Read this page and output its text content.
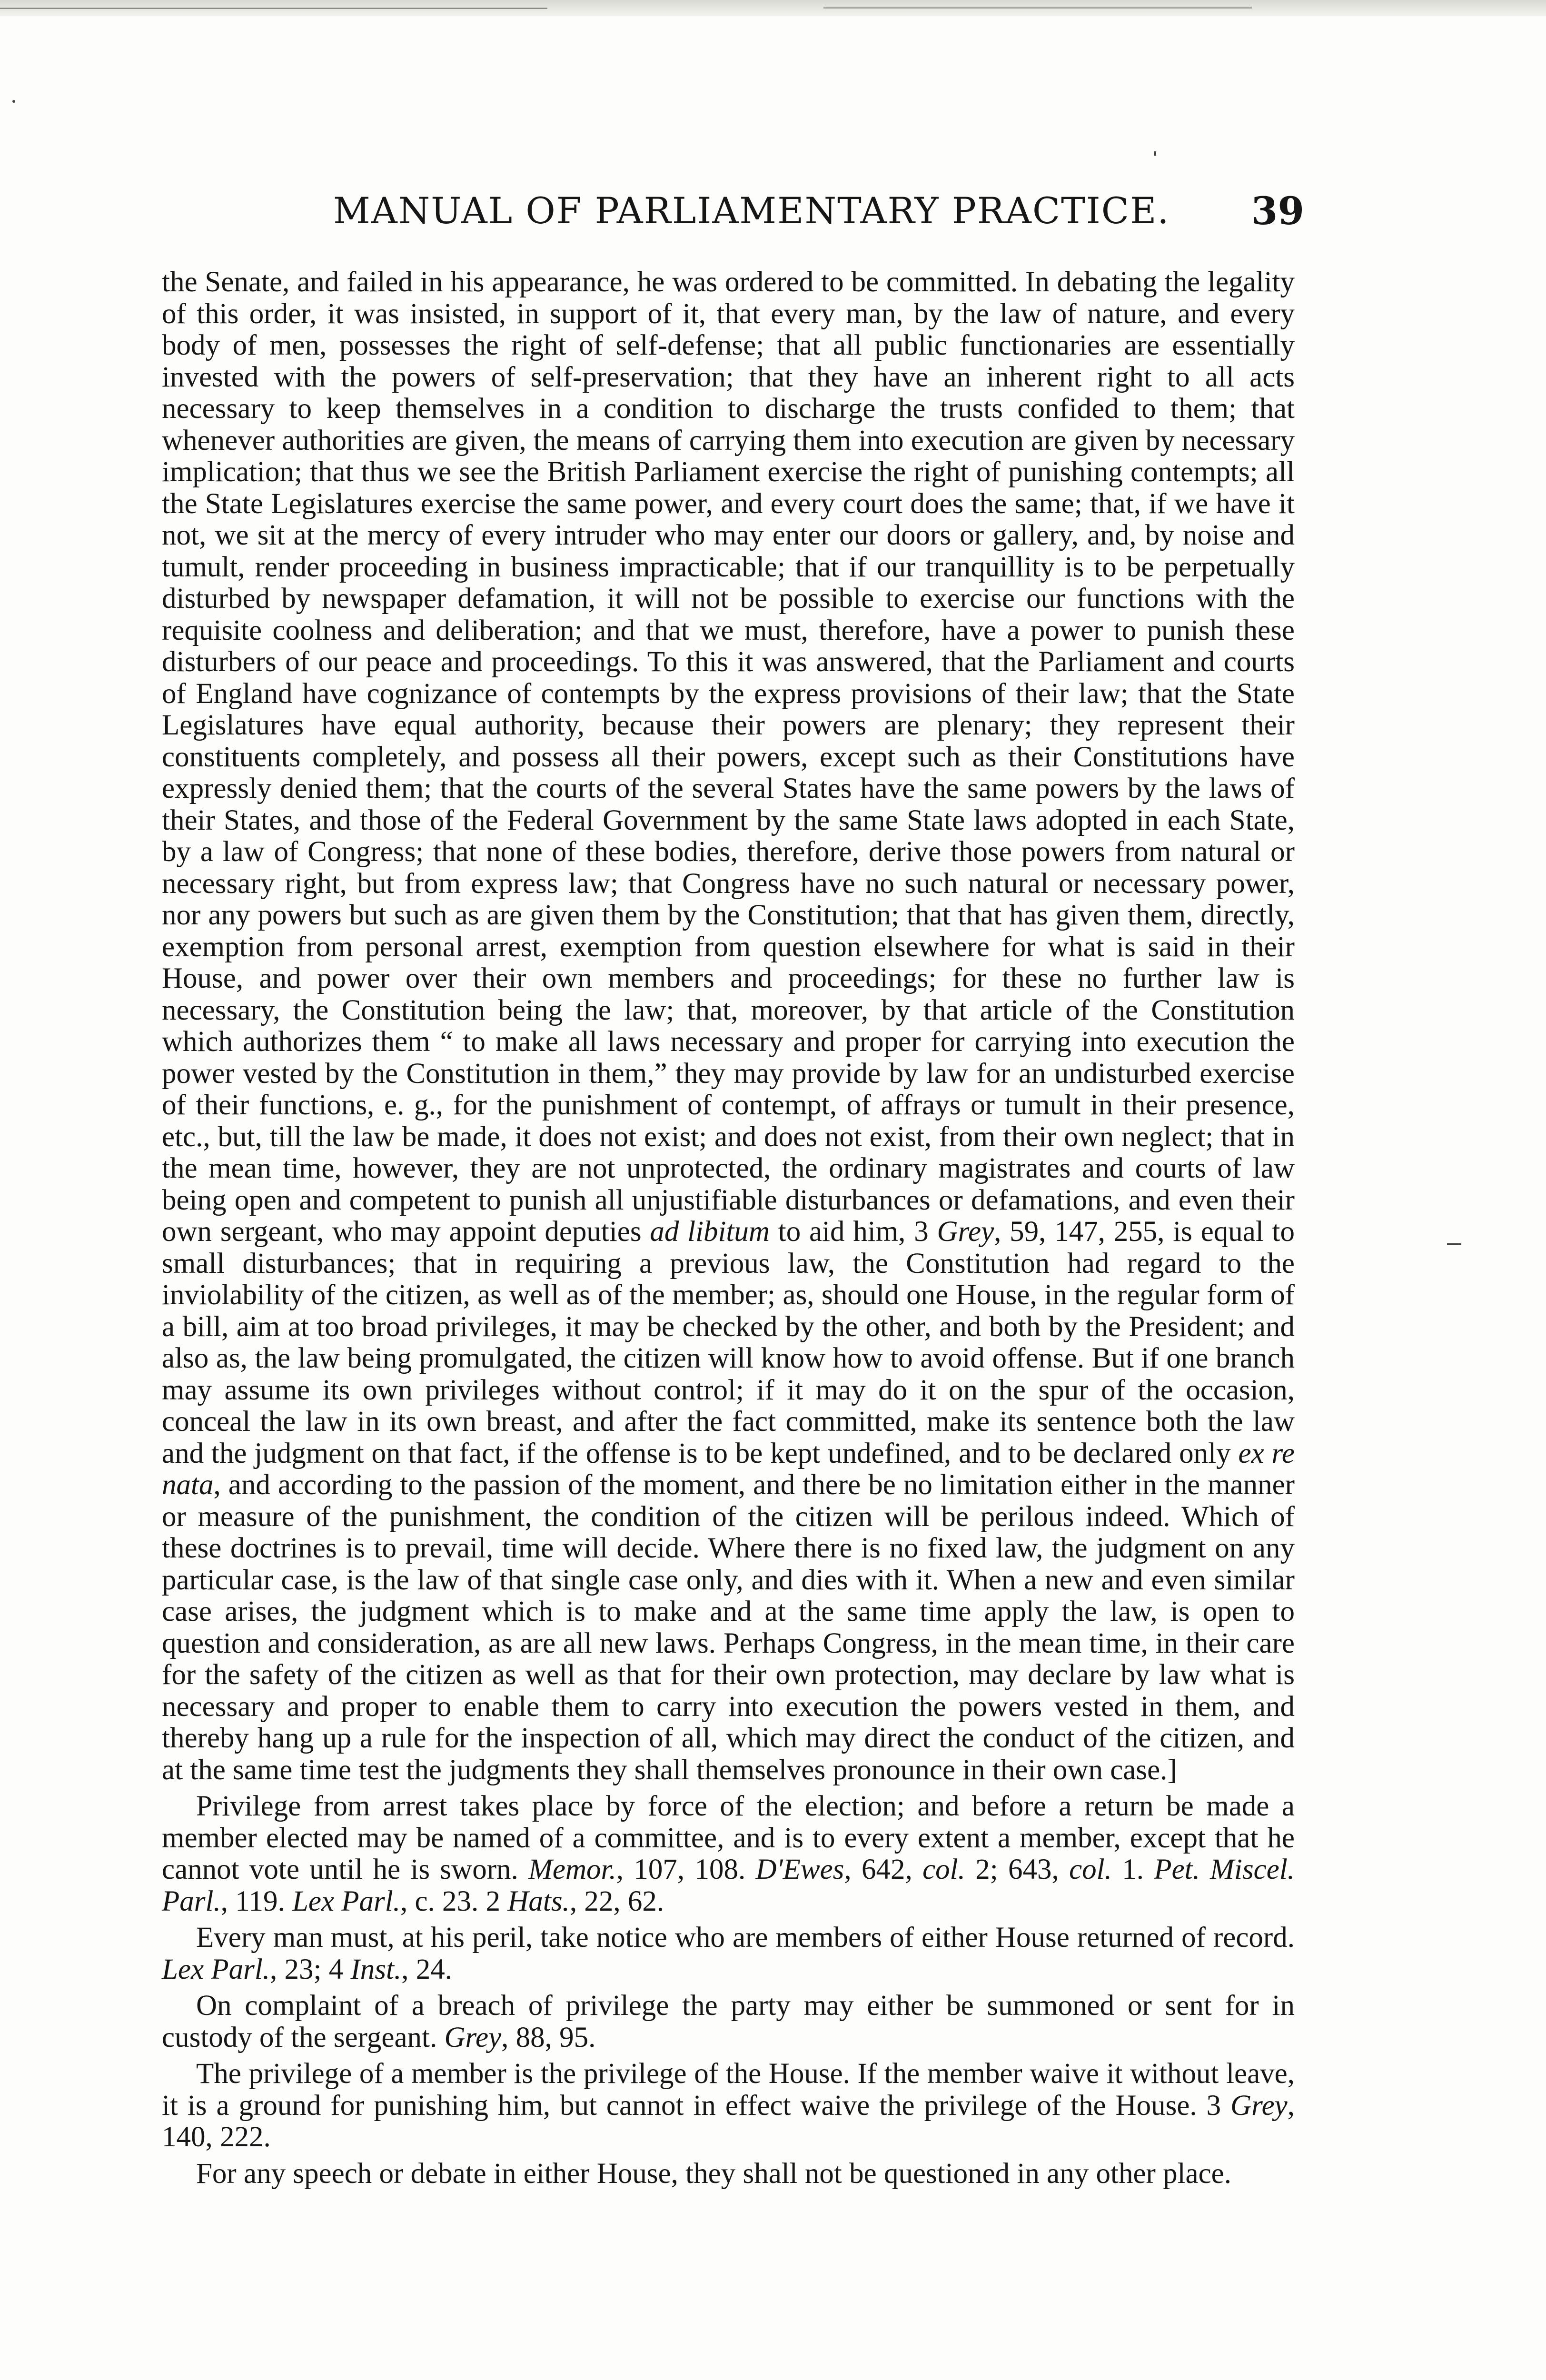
MANUAL OF PARLIAMENTARY PRACTICE. 39

the Senate, and failed in his appearance, he was ordered to be committed. In debating the legality of this order, it was insisted, in support of it, that every man, by the law of nature, and every body of men, possesses the right of self-defense; that all public functionaries are essentially invested with the powers of self-preservation; that they have an inherent right to all acts necessary to keep themselves in a condition to discharge the trusts confided to them; that whenever authorities are given, the means of carrying them into execution are given by necessary implication; that thus we see the British Parliament exercise the right of punishing contempts; all the State Legislatures exercise the same power, and every court does the same; that, if we have it not, we sit at the mercy of every intruder who may enter our doors or gallery, and, by noise and tumult, render proceeding in business impracticable; that if our tranquillity is to be perpetually disturbed by newspaper defamation, it will not be possible to exercise our functions with the requisite coolness and deliberation; and that we must, therefore, have a power to punish these disturbers of our peace and proceedings. To this it was answered, that the Parliament and courts of England have cognizance of contempts by the express provisions of their law; that the State Legislatures have equal authority, because their powers are plenary; they represent their constituents completely, and possess all their powers, except such as their Constitutions have expressly denied them; that the courts of the several States have the same powers by the laws of their States, and those of the Federal Government by the same State laws adopted in each State, by a law of Congress; that none of these bodies, therefore, derive those powers from natural or necessary right, but from express law; that Congress have no such natural or necessary power, nor any powers but such as are given them by the Constitution; that that has given them, directly, exemption from personal arrest, exemption from question elsewhere for what is said in their House, and power over their own members and proceedings; for these no further law is necessary, the Constitution being the law; that, moreover, by that article of the Constitution which authorizes them “ to make all laws necessary and proper for carrying into execution the power vested by the Constitution in them,” they may provide by law for an undisturbed exercise of their functions, e. g., for the punishment of contempt, of affrays or tumult in their presence, etc., but, till the law be made, it does not exist; and does not exist, from their own neglect; that in the mean time, however, they are not unprotected, the ordinary magistrates and courts of law being open and competent to punish all unjustifiable disturbances or defamations, and even their own sergeant, who may appoint deputies ad libitum to aid him, 3 Grey, 59, 147, 255, is equal to small disturbances; that in requiring a previous law, the Constitution had regard to the inviolability of the citizen, as well as of the member; as, should one House, in the regular form of a bill, aim at too broad privileges, it may be checked by the other, and both by the President; and also as, the law being promulgated, the citizen will know how to avoid offense. But if one branch may assume its own privileges without control; if it may do it on the spur of the occasion, conceal the law in its own breast, and after the fact committed, make its sentence both the law and the judgment on that fact, if the offense is to be kept undefined, and to be declared only ex re nata, and according to the passion of the moment, and there be no limitation either in the manner or measure of the punishment, the condition of the citizen will be perilous indeed. Which of these doctrines is to prevail, time will decide. Where there is no fixed law, the judgment on any particular case, is the law of that single case only, and dies with it. When a new and even similar case arises, the judgment which is to make and at the same time apply the law, is open to question and consideration, as are all new laws. Perhaps Congress, in the mean time, in their care for the safety of the citizen as well as that for their own protection, may declare by law what is necessary and proper to enable them to carry into execution the powers vested in them, and thereby hang up a rule for the inspection of all, which may direct the conduct of the citizen, and at the same time test the judgments they shall themselves pronounce in their own case.]

Privilege from arrest takes place by force of the election; and before a return be made a member elected may be named of a committee, and is to every extent a member, except that he cannot vote until he is sworn. Memor., 107, 108. D'Ewes, 642, col. 2; 643, col. 1. Pet. Miscel. Parl., 119. Lex Parl., c. 23. 2 Hats., 22, 62.

Every man must, at his peril, take notice who are members of either House returned of record. Lex Parl., 23; 4 Inst., 24.

On complaint of a breach of privilege the party may either be summoned or sent for in custody of the sergeant. Grey, 88, 95.

The privilege of a member is the privilege of the House. If the member waive it without leave, it is a ground for punishing him, but cannot in effect waive the privilege of the House. 3 Grey, 140, 222.

For any speech or debate in either House, they shall not be questioned in any other place.
